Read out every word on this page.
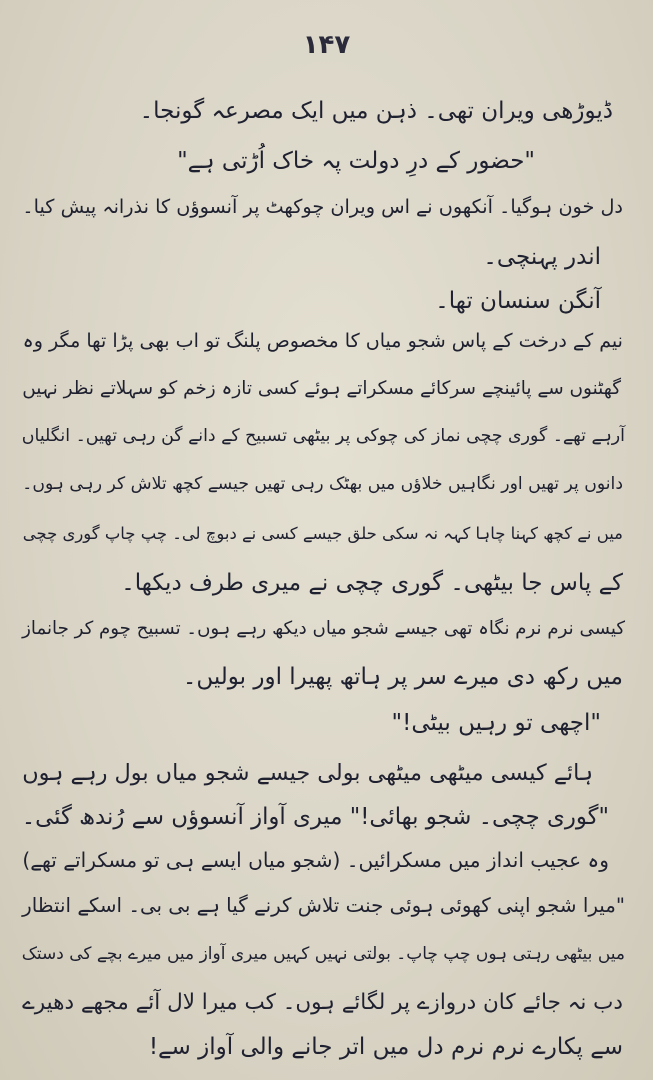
۱۴۷
ڈیوڑھی ویران تھی۔ ذہن میں ایک مصرعہ گونجا۔
"حضور کے درِ دولت پہ خاک اُڑتی ہے"
دل خون ہوگیا۔ آنکھوں نے اس ویران چوکھٹ پر آنسوؤں کا نذرانہ پیش کیا۔
اندر پہنچی۔
آنگن سنسان تھا۔
نیم کے درخت کے پاس شجو میاں کا مخصوص پلنگ تو اب بھی پڑا تھا مگر وہ
گھٹنوں سے پائینچے سرکائے مسکراتے ہوئے کسی تازہ زخم کو سہلاتے نظر نہیں
آرہے تھے۔ گوری چچی نماز کی چوکی پر بیٹھی تسبیح کے دانے گن رہی تھیں۔ انگلیاں
دانوں پر تھیں اور نگاہیں خلاؤں میں بھٹک رہی تھیں جیسے کچھ تلاش کر رہی ہوں۔
میں نے کچھ کہنا چاہا کہہ نہ سکی حلق جیسے کسی نے دبوچ لی۔ چپ چاپ گوری چچی
کے پاس جا بیٹھی۔ گوری چچی نے میری طرف دیکھا۔
کیسی نرم نرم نگاہ تھی جیسے شجو میاں دیکھ رہے ہوں۔ تسبیح چوم کر جانماز
میں رکھ دی میرے سر پر ہاتھ پھیرا اور بولیں۔
"اچھی تو رہیں بیٹی!"
ہائے کیسی میٹھی میٹھی بولی جیسے شجو میاں بول رہے ہوں
"گوری چچی۔ شجو بھائی!" میری آواز آنسوؤں سے رُندھ گئی۔
وہ عجیب انداز میں مسکرائیں۔ (شجو میاں ایسے ہی تو مسکراتے تھے)
"میرا شجو اپنی کھوئی ہوئی جنت تلاش کرنے گیا ہے بی بی۔ اسکے انتظار
میں بیٹھی رہتی ہوں چپ چاپ۔ بولتی نہیں کہیں میری آواز میں میرے بچے کی دستک
دب نہ جائے کان دروازے پر لگائے ہوں۔ کب میرا لال آئے مجھے دھیرے
سے پکارے نرم نرم دل میں اتر جانے والی آواز سے!
